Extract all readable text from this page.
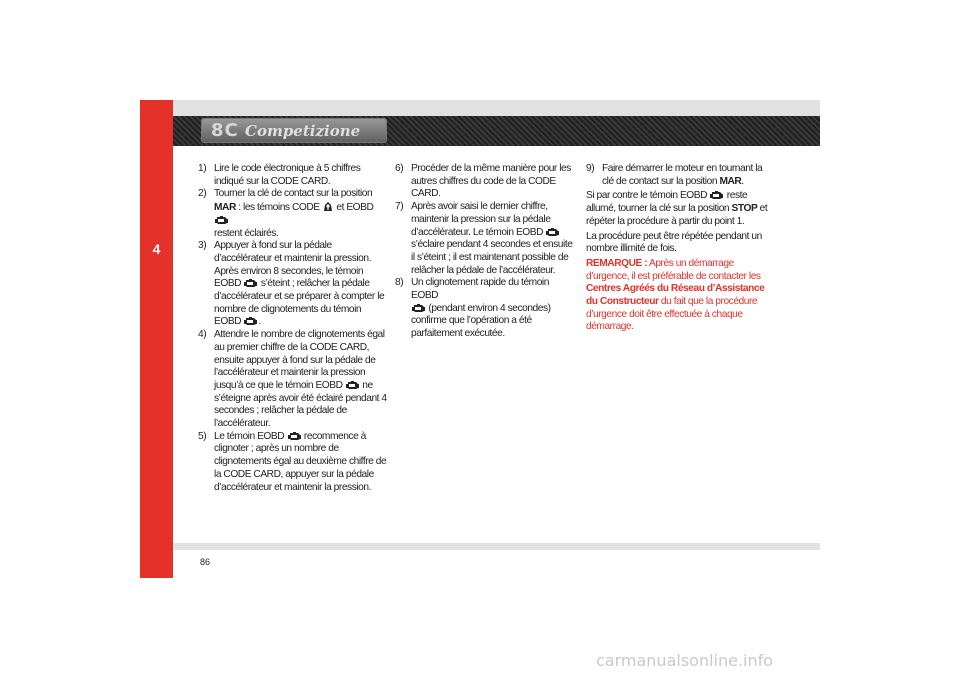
4
8C Competizione
1) Lire le code électronique à 5 chiffres indiqué sur la CODE CARD.
2) Tourner la clé de contact sur la position
MAR : les témoins CODE  et EOBD
restent éclairés.
3) Appuyer à fond sur la pédale d’accélérateur et maintenir la pression. Après environ 8 secondes, le témoin EOBD  s’éteint ; relâcher la pédale d’accélérateur et se préparer à compter le nombre de clignotements du témoin EOBD .
4) Attendre le nombre de clignotements égal au premier chiffre de la CODE CARD, ensuite appuyer à fond sur la pédale de l’accélérateur et maintenir la pression jusqu’à ce que le témoin EOBD  ne s’éteigne après avoir été éclairé pendant 4 secondes ; relâcher la pédale de l’accélérateur.
5) Le témoin EOBD  recommence à clignoter ; après un nombre de clignotements égal au deuxième chiffre de la CODE CARD, appuyer sur la pédale d’accélérateur et maintenir la pression.
6) Procéder de la même manière pour les autres chiffres du code de la CODE CARD.
7) Après avoir saisi le dernier chiffre, maintenir la pression sur la pédale d’accélérateur. Le témoin EOBD  s’éclaire pendant 4 secondes et ensuite il s’éteint ; il est maintenant possible de relâcher la pédale de l’accélérateur.
8) Un clignotement rapide du témoin EOBD
(pendant environ 4 secondes) confirme que l’opération a été parfaitement exécutée.
9) Faire démarrer le moteur en tournant la clé de contact sur la position MAR.
Si par contre le témoin EOBD  reste allumé, tourner la clé sur la position STOP et répéter la procédure à partir du point 1.
La procédure peut être répétée pendant un nombre illimité de fois.
REMARQUE : Après un démarrage d’urgence, il est préférable de contacter les Centres Agréés du Réseau d’Assistance du Constructeur du fait que la procédure d’urgence doit être effectuée à chaque démarrage.
86
carmanualsonline.info
